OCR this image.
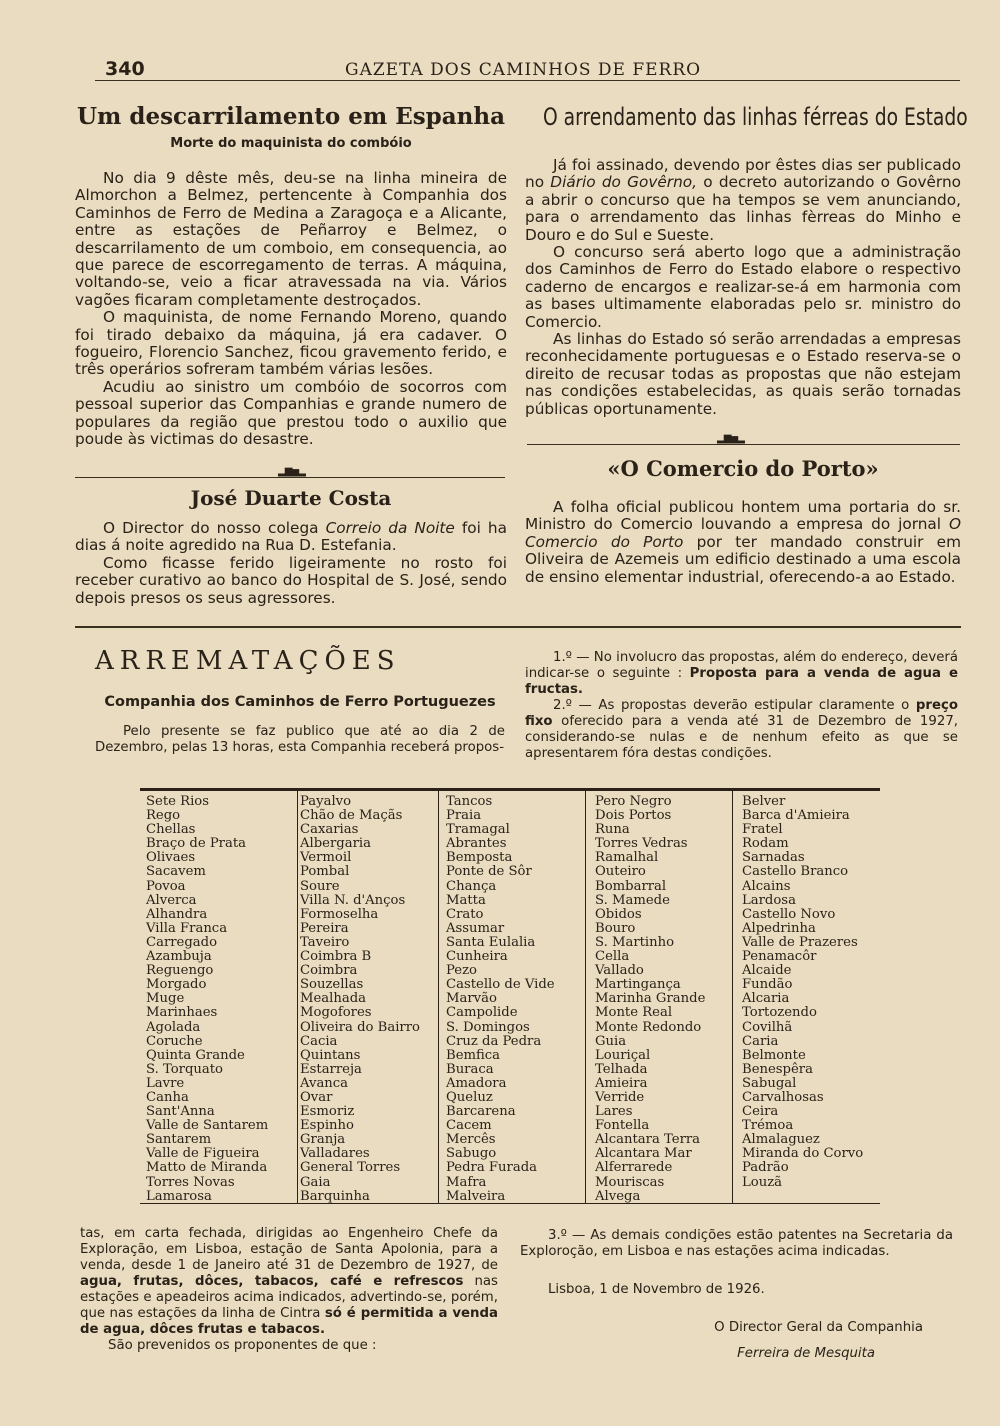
340	GAZETA DOS CAMINHOS DE FERRO
Um descarrilamento em Espanha
Morte do maquinista do combóio

No dia 9 dêste mês, deu-se na linha mineira de Almorchon a Belmez, pertencente à Companhia dos Caminhos de Ferro de Medina a Zaragoça e a Alicante, entre as estações de Peñarroy e Belmez, o descarrilamento de um comboio, em consequencia, ao que parece de escorregamento de terras. A máquina, voltando-se, veio a ficar atravessada na via. Vários vagões ficaram completamente destroçados.

O maquinista, de nome Fernando Moreno, quando foi tirado debaixo da máquina, já era cadaver. O fogueiro, Florencio Sanchez, ficou gravemento ferido, e três operários sofreram também várias lesões.

Acudiu ao sinistro um combóio de socorros com pessoal superior das Companhias e grande numero de populares da região que prestou todo o auxilio que poude às victimas do desastre.

▂▆▅▂
José Duarte Costa

O Director do nosso colega Correio da Noite foi ha dias á noite agredido na Rua D. Estefania.

Como ficasse ferido ligeiramente no rosto foi receber curativo ao banco do Hospital de S. José, sendo depois presos os seus agressores.

O arrendamento das linhas férreas do Estado

Já foi assinado, devendo por êstes dias ser publicado no Diário do Govêrno, o decreto autorizando o Govêrno a abrir o concurso que ha tempos se vem anunciando, para o arrendamento das linhas fèrreas do Minho e Douro e do Sul e Sueste.

O concurso será aberto logo que a administração dos Caminhos de Ferro do Estado elabore o respectivo caderno de encargos e realizar-se-á em harmonia com as bases ultimamente elaboradas pelo sr. ministro do Comercio.

As linhas do Estado só serão arrendadas a empresas reconhecidamente portuguesas e o Estado reserva-se o direito de recusar todas as propostas que não estejam nas condições estabelecidas, as quais serão tornadas públicas oportunamente.

▂▆▅▂
«O Comercio do Porto»

A folha oficial publicou hontem uma portaria do sr. Ministro do Comercio louvando a empresa do jornal O Comercio do Porto por ter mandado construir em Oliveira de Azemeis um edificio destinado a uma escola de ensino elementar industrial, oferecendo-a ao Estado.

ARREMATAÇÕES
Companhia dos Caminhos de Ferro Portuguezes

Pelo presente se faz publico que até ao dia 2 de Dezembro, pelas 13 horas, esta Companhia receberá propos-

1.º — No involucro das propostas, além do endereço, deverá indicar-se o seguinte : Proposta para a venda de agua e fructas.

2.º — As propostas deverão estipular claramente o preço fixo oferecido para a venda até 31 de Dezembro de 1927, considerando-se nulas e de nenhum efeito as que se apresentarem fóra destas condições.

Sete Rios
Rego
Chellas
Braço de Prata
Olivaes
Sacavem
Povoa
Alverca
Alhandra
Villa Franca
Carregado
Azambuja
Reguengo
Morgado
Muge
Marinhaes
Agolada
Coruche
Quinta Grande
S. Torquato
Lavre
Canha
Sant'Anna
Valle de Santarem
Santarem
Valle de Figueira
Matto de Miranda
Torres Novas
Lamarosa
Payalvo
Chão de Maçãs
Caxarias
Albergaria
Vermoil
Pombal
Soure
Villa N. d'Anços
Formoselha
Pereira
Taveiro
Coimbra B
Coimbra
Souzellas
Mealhada
Mogofores
Oliveira do Bairro
Cacia
Quintans
Estarreja
Avanca
Ovar
Esmoriz
Espinho
Granja
Valladares
General Torres
Gaia
Barquinha
Tancos
Praia
Tramagal
Abrantes
Bemposta
Ponte de Sôr
Chança
Matta
Crato
Assumar
Santa Eulalia
Cunheira
Pezo
Castello de Vide
Marvão
Campolide
S. Domingos
Cruz da Pedra
Bemfica
Buraca
Amadora
Queluz
Barcarena
Cacem
Mercês
Sabugo
Pedra Furada
Mafra
Malveira
Pero Negro
Dois Portos
Runa
Torres Vedras
Ramalhal
Outeiro
Bombarral
S. Mamede
Obidos
Bouro
S. Martinho
Cella
Vallado
Martingança
Marinha Grande
Monte Real
Monte Redondo
Guia
Louriçal
Telhada
Amieira
Verride
Lares
Fontella
Alcantara Terra
Alcantara Mar
Alferrarede
Mouriscas
Alvega
Belver
Barca d'Amieira
Fratel
Rodam
Sarnadas
Castello Branco
Alcains
Lardosa
Castello Novo
Alpedrinha
Valle de Prazeres
Penamacôr
Alcaide
Fundão
Alcaria
Tortozendo
Covilhã
Caria
Belmonte
Benespêra
Sabugal
Carvalhosas
Ceira
Trémoa
Almalaguez
Miranda do Corvo
Padrão
Louzã

tas, em carta fechada, dirigidas ao Engenheiro Chefe da Exploração, em Lisboa, estação de Santa Apolonia, para a venda, desde 1 de Janeiro até 31 de Dezembro de 1927, de agua, frutas, dôces, tabacos, café e refrescos nas estações e apeadeiros acima indicados, advertindo-se, porém, que nas estações da linha de Cintra só é permitida a venda de agua, dôces frutas e tabacos.

São prevenidos os proponentes de que :

3.º — As demais condições estão patentes na Secretaria da Exploroção, em Lisboa e nas estações acima indicadas.

Lisboa, 1 de Novembro de 1926.
O Director Geral da Companhia
Ferreira de Mesquita
